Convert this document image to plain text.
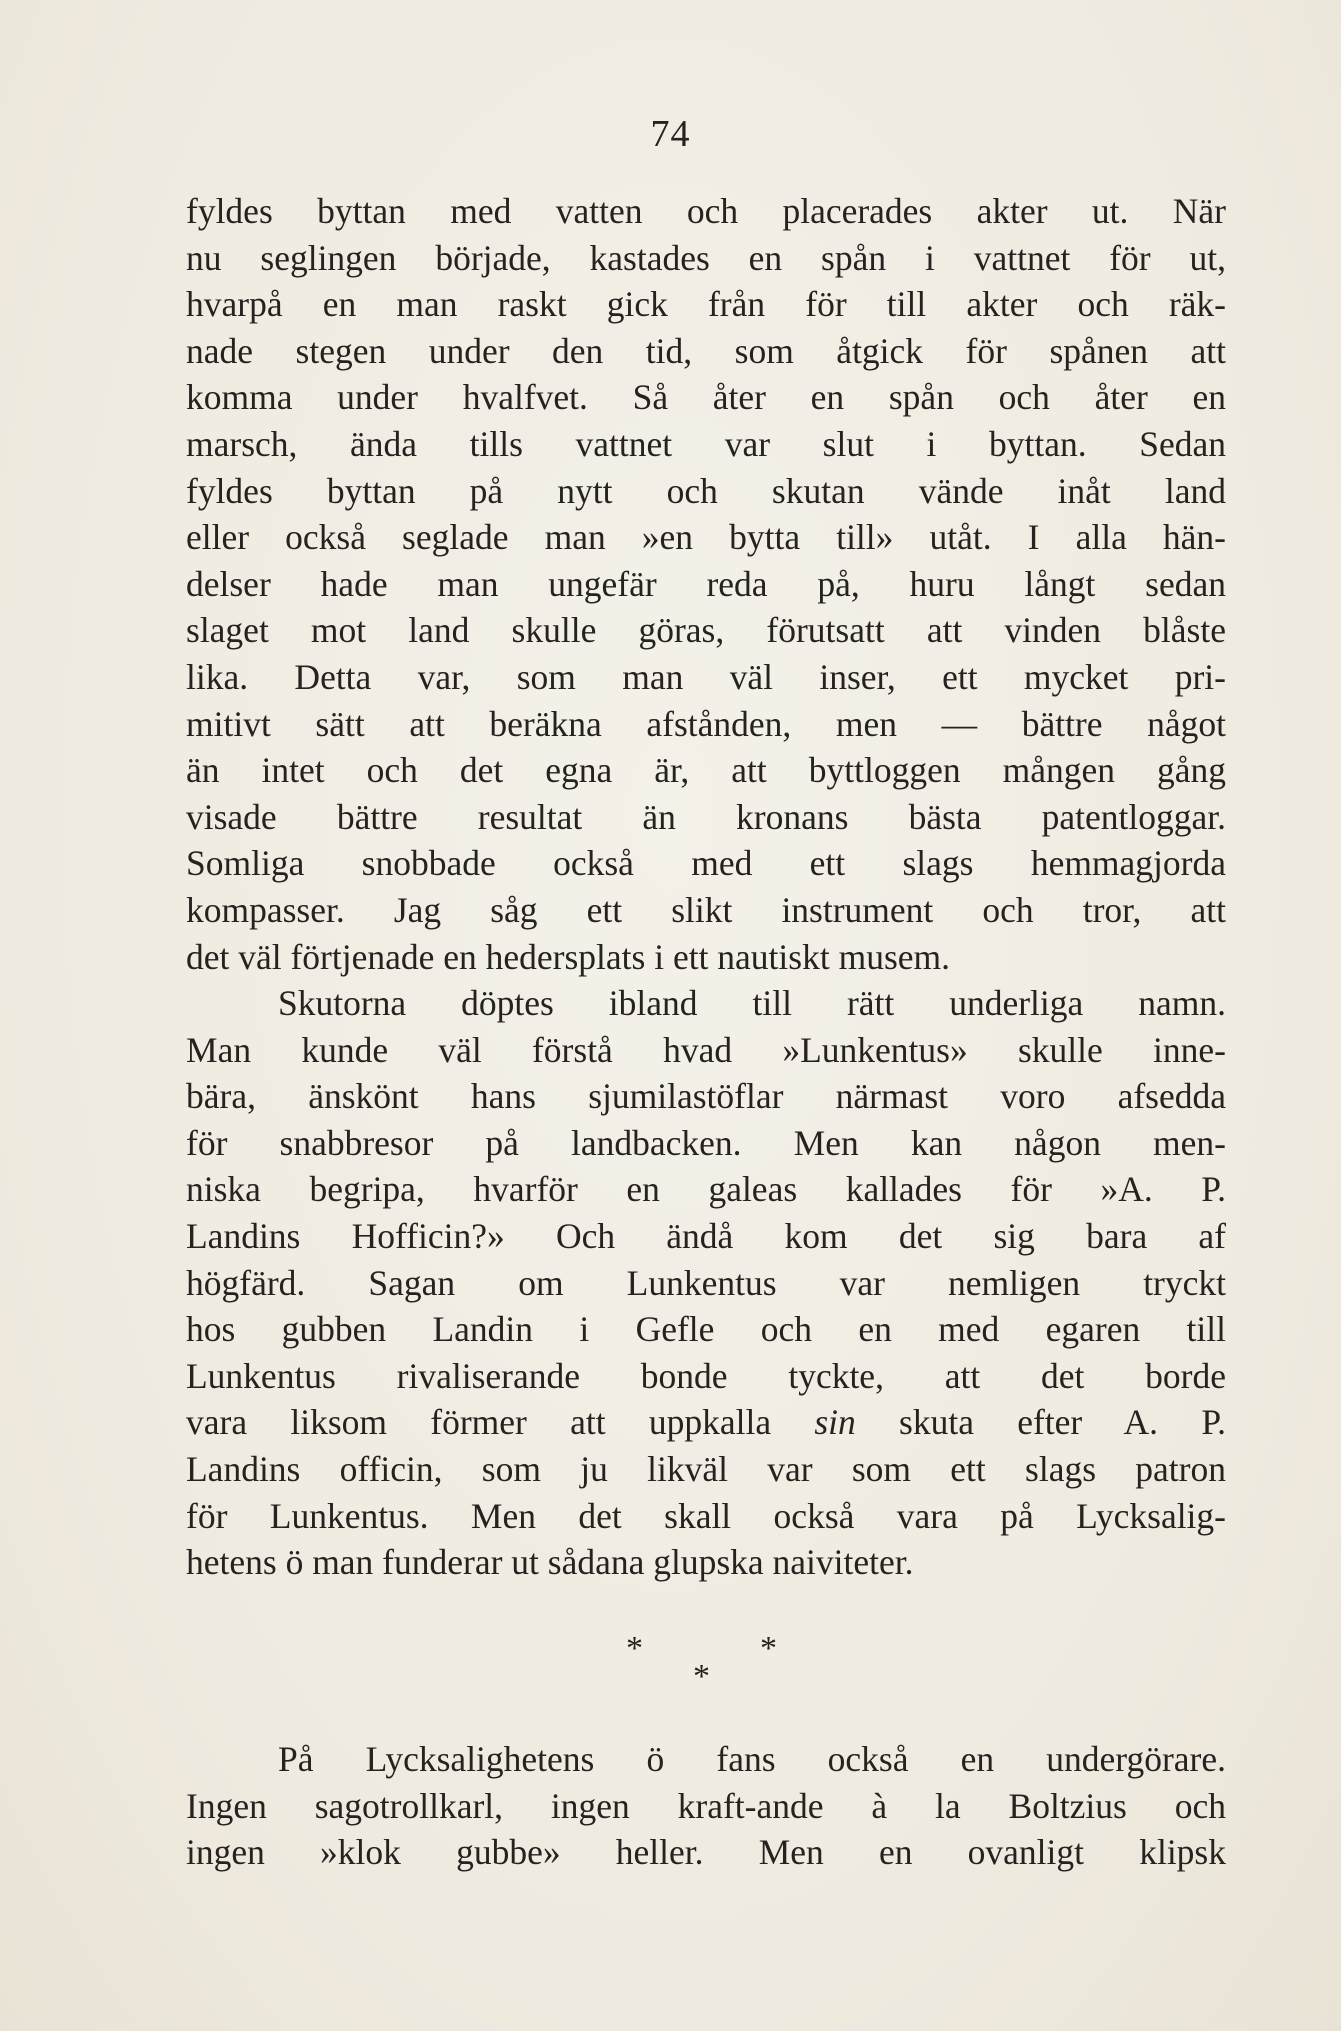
74
fyldes byttan med vatten och placerades akter ut. När
nu seglingen började, kastades en spån i vattnet för ut,
hvarpå en man raskt gick från för till akter och räk-
nade stegen under den tid, som åtgick för spånen att
komma under hvalfvet. Så åter en spån och åter en
marsch, ända tills vattnet var slut i byttan. Sedan
fyldes byttan på nytt och skutan vände inåt land
eller också seglade man »en bytta till» utåt. I alla hän-
delser hade man ungefär reda på, huru långt sedan
slaget mot land skulle göras, förutsatt att vinden blåste
lika. Detta var, som man väl inser, ett mycket pri-
mitivt sätt att beräkna afstånden, men — bättre något
än intet och det egna är, att byttloggen mången gång
visade bättre resultat än kronans bästa patentloggar.
Somliga snobbade också med ett slags hemmagjorda
kompasser. Jag såg ett slikt instrument och tror, att
det väl förtjenade en hedersplats i ett nautiskt musem.
Skutorna döptes ibland till rätt underliga namn.
Man kunde väl förstå hvad »Lunkentus» skulle inne-
bära, änskönt hans sjumilastöflar närmast voro afsedda
för snabbresor på landbacken. Men kan någon men-
niska begripa, hvarför en galeas kallades för »A. P.
Landins Hofficin?» Och ändå kom det sig bara af
högfärd. Sagan om Lunkentus var nemligen tryckt
hos gubben Landin i Gefle och en med egaren till
Lunkentus rivaliserande bonde tyckte, att det borde
vara liksom förmer att uppkalla sin skuta efter A. P.
Landins officin, som ju likväl var som ett slags patron
för Lunkentus. Men det skall också vara på Lycksalig-
hetens ö man funderar ut sådana glupska naiviteter.
*	*
*
På Lycksalighetens ö fans också en undergörare.
Ingen sagotrollkarl, ingen kraft-ande à la Boltzius och
ingen »klok gubbe» heller. Men en ovanligt klipsk
